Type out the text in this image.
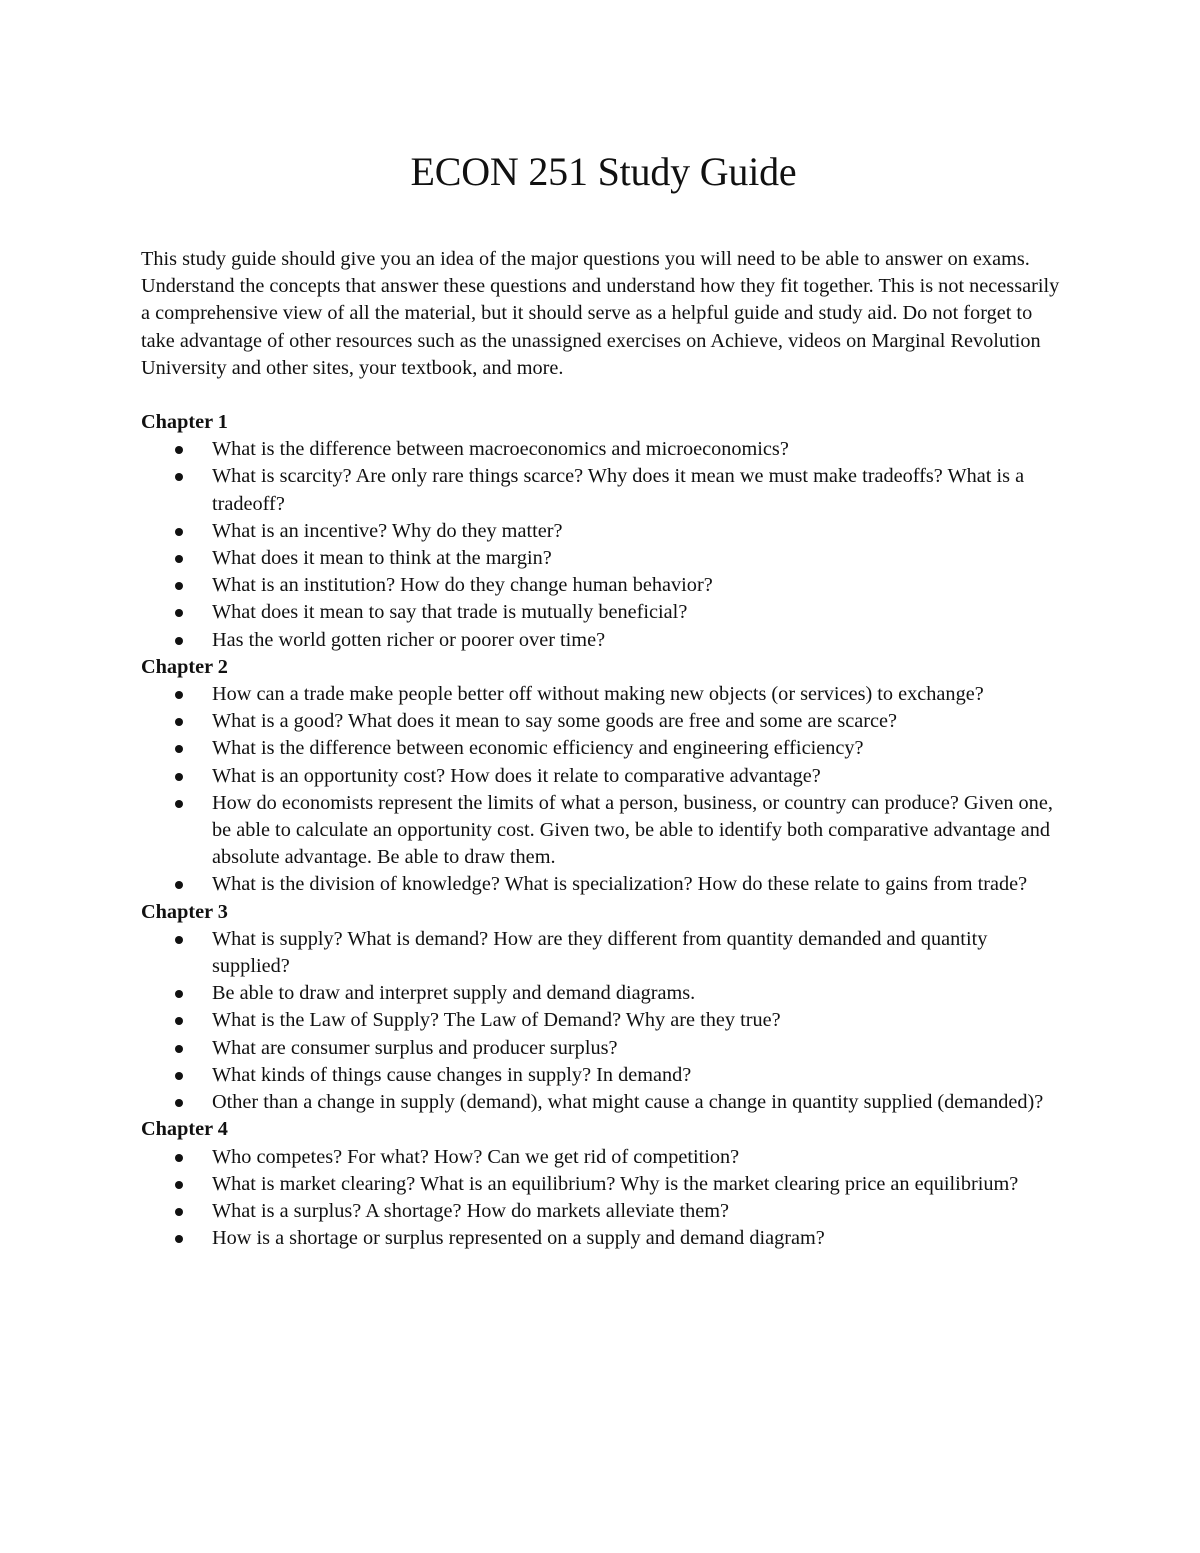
ECON 251 Study Guide

This study guide should give you an idea of the major questions you will need to be able to answer on exams. Understand the concepts that answer these questions and understand how they fit together. This is not necessarily a comprehensive view of all the material, but it should serve as a helpful guide and study aid. Do not forget to take advantage of other resources such as the unassigned exercises on Achieve, videos on Marginal Revolution University and other sites, your textbook, and more.

Chapter 1
What is the difference between macroeconomics and microeconomics?
What is scarcity? Are only rare things scarce? Why does it mean we must make tradeoffs? What is a tradeoff?
What is an incentive? Why do they matter?
What does it mean to think at the margin?
What is an institution? How do they change human behavior?
What does it mean to say that trade is mutually beneficial?
Has the world gotten richer or poorer over time?
Chapter 2
How can a trade make people better off without making new objects (or services) to exchange?
What is a good? What does it mean to say some goods are free and some are scarce?
What is the difference between economic efficiency and engineering efficiency?
What is an opportunity cost? How does it relate to comparative advantage?
How do economists represent the limits of what a person, business, or country can produce? Given one, be able to calculate an opportunity cost. Given two, be able to identify both comparative advantage and absolute advantage. Be able to draw them.
What is the division of knowledge? What is specialization? How do these relate to gains from trade?
Chapter 3
What is supply? What is demand? How are they different from quantity demanded and quantity supplied?
Be able to draw and interpret supply and demand diagrams.
What is the Law of Supply? The Law of Demand? Why are they true?
What are consumer surplus and producer surplus?
What kinds of things cause changes in supply? In demand?
Other than a change in supply (demand), what might cause a change in quantity supplied (demanded)?
Chapter 4
Who competes? For what? How? Can we get rid of competition?
What is market clearing? What is an equilibrium? Why is the market clearing price an equilibrium?
What is a surplus? A shortage? How do markets alleviate them?
How is a shortage or surplus represented on a supply and demand diagram?
